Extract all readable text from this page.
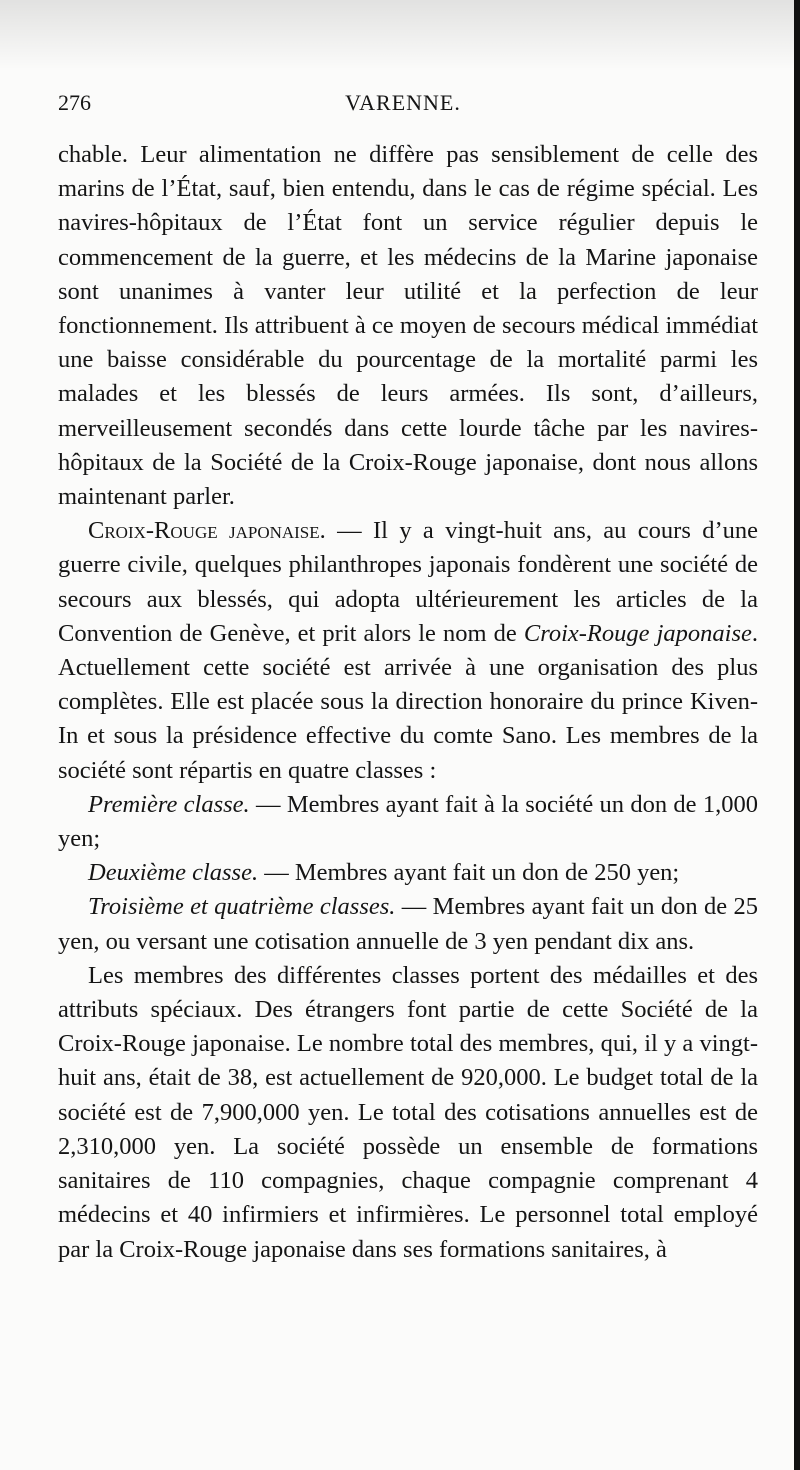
276	VARENNE.

chable. Leur alimentation ne diffère pas sensiblement de celle des marins de l’État, sauf, bien entendu, dans le cas de régime spécial. Les navires-hôpitaux de l’État font un service régulier depuis le commencement de la guerre, et les médecins de la Marine japonaise sont unanimes à vanter leur utilité et la perfection de leur fonctionnement. Ils attribuent à ce moyen de secours médical immédiat une baisse considérable du pourcentage de la mortalité parmi les malades et les blessés de leurs armées. Ils sont, d’ailleurs, merveilleusement secondés dans cette lourde tâche par les navires-hôpitaux de la Société de la Croix-Rouge japonaise, dont nous allons maintenant parler.

Croix-Rouge japonaise. — Il y a vingt-huit ans, au cours d’une guerre civile, quelques philanthropes japonais fondèrent une société de secours aux blessés, qui adopta ultérieurement les articles de la Convention de Genève, et prit alors le nom de Croix-Rouge japonaise. Actuellement cette société est arrivée à une organisation des plus complètes. Elle est placée sous la direction honoraire du prince Kiven-In et sous la présidence effective du comte Sano. Les membres de la société sont répartis en quatre classes :

Première classe. — Membres ayant fait à la société un don de 1,000 yen;

Deuxième classe. — Membres ayant fait un don de 250 yen;

Troisième et quatrième classes. — Membres ayant fait un don de 25 yen, ou versant une cotisation annuelle de 3 yen pendant dix ans.

Les membres des différentes classes portent des médailles et des attributs spéciaux. Des étrangers font partie de cette Société de la Croix-Rouge japonaise. Le nombre total des membres, qui, il y a vingt-huit ans, était de 38, est actuellement de 920,000. Le budget total de la société est de 7,900,000 yen. Le total des cotisations annuelles est de 2,310,000 yen. La société possède un ensemble de formations sanitaires de 110 compagnies, chaque compagnie comprenant 4 médecins et 40 infirmiers et infirmières. Le personnel total employé par la Croix-Rouge japonaise dans ses formations sanitaires, à
